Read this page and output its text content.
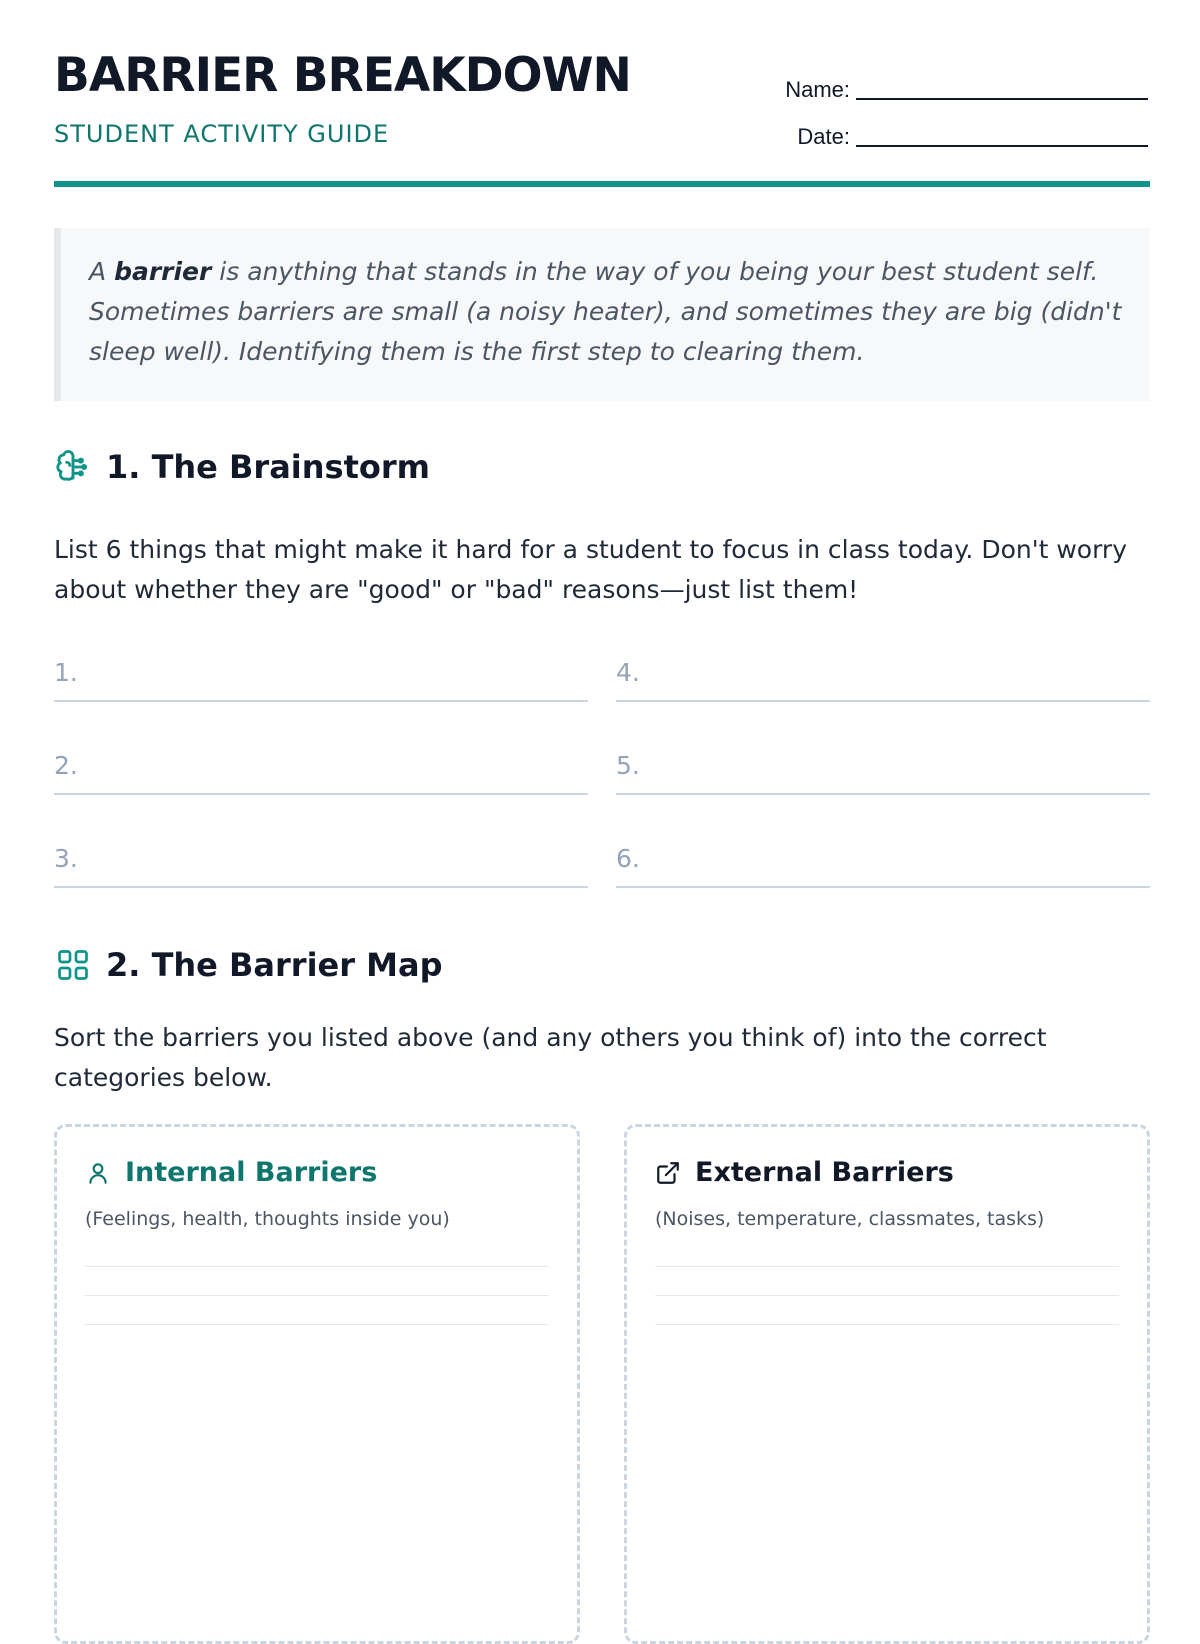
BARRIER BREAKDOWN
STUDENT ACTIVITY GUIDE
Name:
Date:
A barrier is anything that stands in the way of you being your best student self. Sometimes barriers are small (a noisy heater), and sometimes they are big (didn't sleep well). Identifying them is the first step to clearing them.
1. The Brainstorm
List 6 things that might make it hard for a student to focus in class today. Don't worry about whether they are "good" or "bad" reasons—just list them!
1.
2.
3.
4.
5.
6.
2. The Barrier Map
Sort the barriers you listed above (and any others you think of) into the correct categories below.
Internal Barriers
(Feelings, health, thoughts inside you)
External Barriers
(Noises, temperature, classmates, tasks)
